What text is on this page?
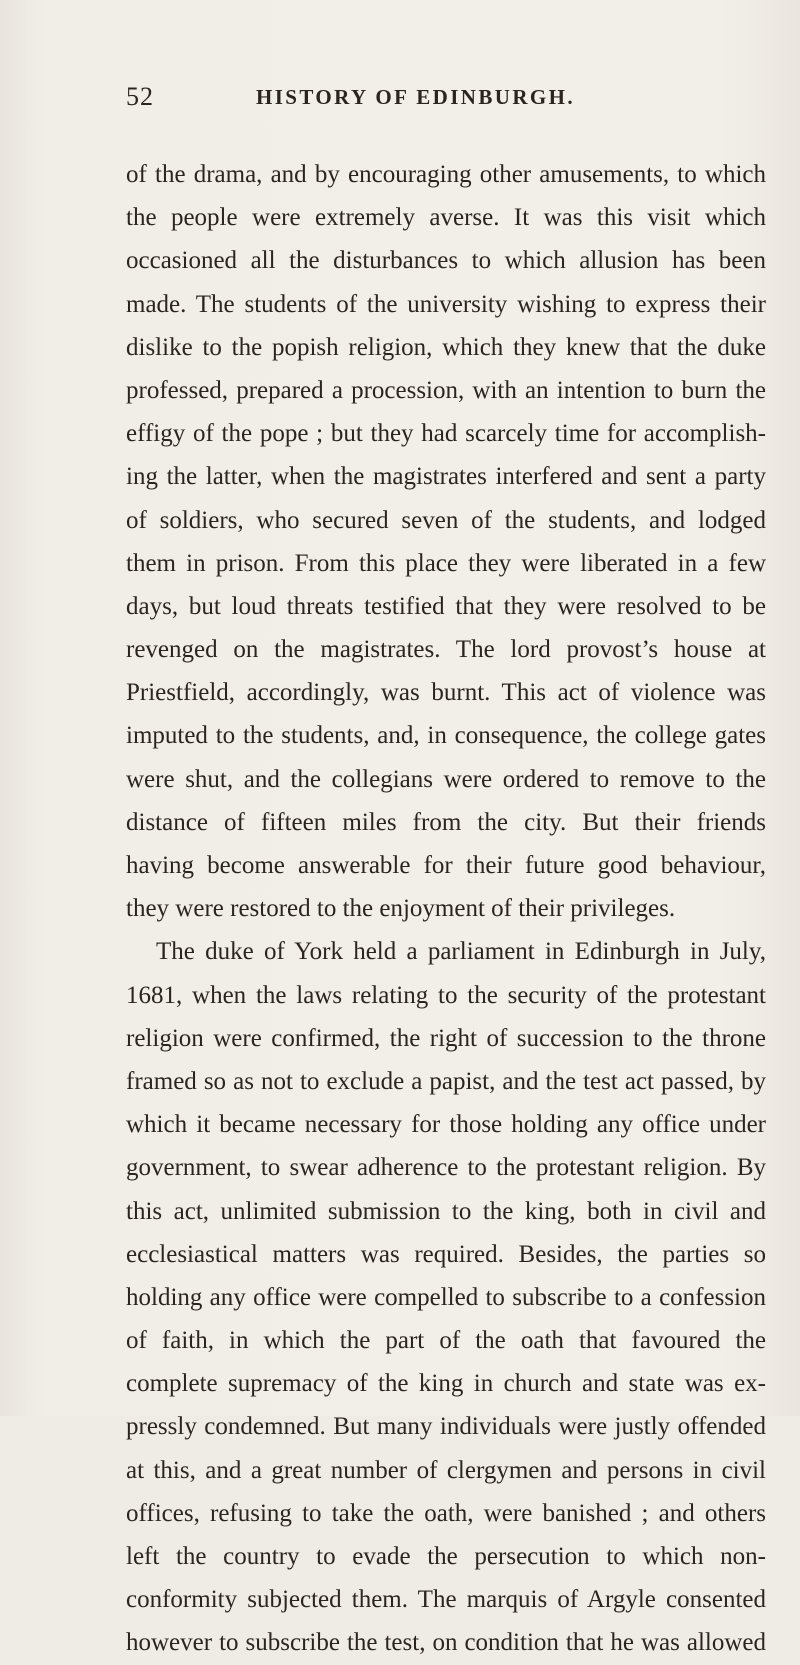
52	HISTORY OF EDINBURGH.
of the drama, and by encouraging other amusements, to which
the people were extremely averse. It was this visit which
occasioned all the disturbances to which allusion has been
made. The students of the university wishing to express their
dislike to the popish religion, which they knew that the duke
professed, prepared a procession, with an intention to burn the
effigy of the pope ; but they had scarcely time for accomplish-
ing the latter, when the magistrates interfered and sent a party
of soldiers, who secured seven of the students, and lodged
them in prison. From this place they were liberated in a few
days, but loud threats testified that they were resolved to be
revenged on the magistrates. The lord provost’s house at
Priestfield, accordingly, was burnt. This act of violence was
imputed to the students, and, in consequence, the college gates
were shut, and the collegians were ordered to remove to the
distance of fifteen miles from the city. But their friends
having become answerable for their future good behaviour,
they were restored to the enjoyment of their privileges.
The duke of York held a parliament in Edinburgh in July,
1681, when the laws relating to the security of the protestant
religion were confirmed, the right of succession to the throne
framed so as not to exclude a papist, and the test act passed, by
which it became necessary for those holding any office under
government, to swear adherence to the protestant religion. By
this act, unlimited submission to the king, both in civil and
ecclesiastical matters was required. Besides, the parties so
holding any office were compelled to subscribe to a confession
of faith, in which the part of the oath that favoured the
complete supremacy of the king in church and state was ex-
pressly condemned. But many individuals were justly offended
at this, and a great number of clergymen and persons in civil
offices, refusing to take the oath, were banished ; and others
left the country to evade the persecution to which non-
conformity subjected them. The marquis of Argyle consented
however to subscribe the test, on condition that he was allowed
